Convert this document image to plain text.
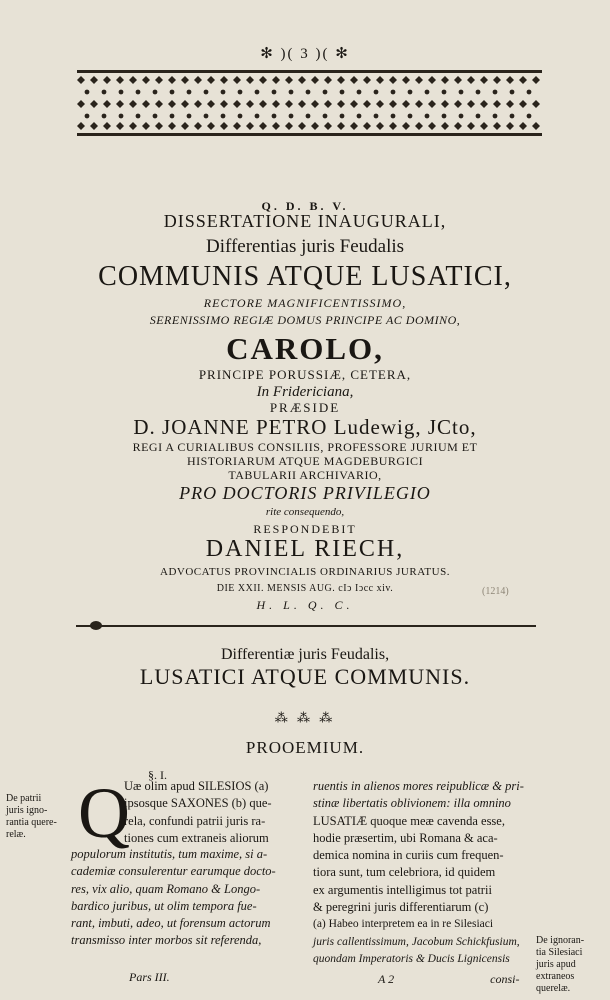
✻ )( 3 )( ✻
Q. D. B. V.
DISSERTATIONE INAUGURALI,
Differentias juris Feudalis
COMMUNIS ATQUE LUSATICI,
RECTORE MAGNIFICENTISSIMO,
SERENISSIMO REGIÆ DOMUS PRINCIPE AC DOMINO,
CAROLO,
PRINCIPE PORUSSIÆ, CETERA,
In Fridericiana,
PRÆSIDE
D. JOANNE PETRO Ludewig, JCto,
REGI A CURIALIBUS CONSILIIS, PROFESSORE JURIUM ET
HISTORIARUM ATQUE MAGDEBURGICI
TABULARII ARCHIVARIO,
PRO DOCTORIS PRIVILEGIO
rite consequendo,
RESPONDEBIT
DANIEL RIECH,
ADVOCATUS PROVINCIALIS ORDINARIUS JURATUS.
DIE XXII. MENSIS AUG. cIↄ Iↄcc xiv.
H. L. Q. C.
(1214)
Differentiæ juris Feudalis,
LUSATICI ATQUE COMMUNIS.
⁂ ⁂ ⁂
PROOEMIUM.
§. I.
Q
Uæ olim apud SILESIOS (a)
ipsosque SAXONES (b) que-
rela, confundi patrii juris ra-
tiones cum extraneis aliorum
populorum institutis, tum maxime, si a-
cademiæ consulerentur earumque docto-
res, vix alio, quam Romano & Longo-
bardico juribus, ut olim tempora fue-
rant, imbuti, adeo, ut forensum actorum
transmisso inter morbos sit referenda,
ruentis in alienos mores reipublicæ & pri-
stinæ libertatis oblivionem: illa omnino
LUSATIÆ quoque meæ cavenda esse,
hodie præsertim, ubi Romana & aca-
demica nomina in curiis cum frequen-
tiora sunt, tum celebriora, id quidem
ex argumentis intelligimus tot patrii
& peregrini juris differentiarum (c)
(a) Habeo interpretem ea in re Silesiaci
juris callentissimum, Jacobum Schickfusium,
quondam Imperatoris & Ducis Lignicensis
De patrii
juris igno-
rantia quere-
relæ.
De ignoran-
tia Silesiaci
juris apud
extraneos
querelæ.
Pars III.	A 2	consi-
